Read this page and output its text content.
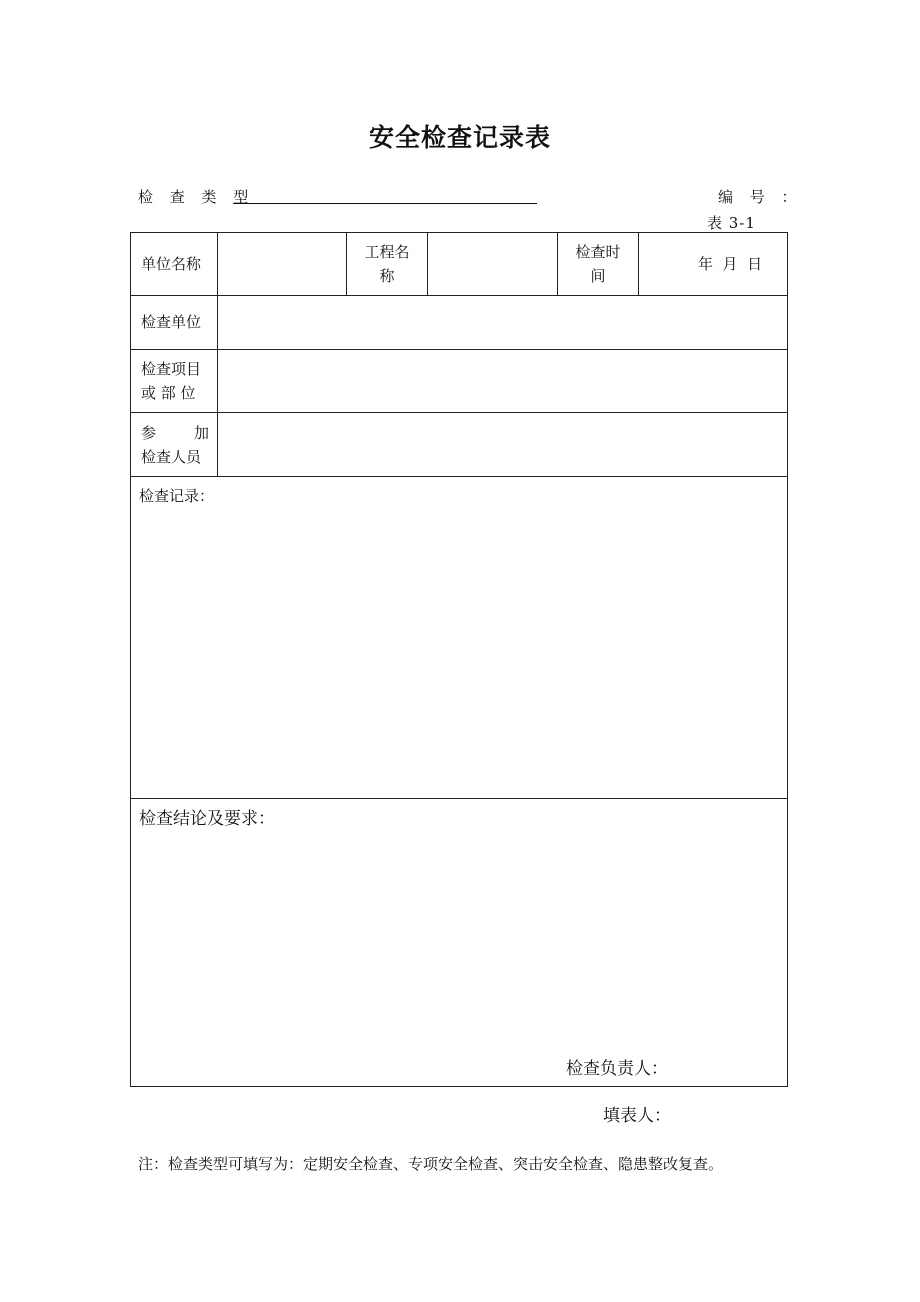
安全检查记录表
检 查 类 型	编 号 ：
表 3-1
单位名称
工程名
称
检查时
间
年  月  日
检查单位
检查项目
或 部 位
参	加
检查人员
检查记录：
检查结论及要求：
检查负责人：
填表人：
注：检查类型可填写为：定期安全检查、专项安全检查、突击安全检查、隐患整改复查。
